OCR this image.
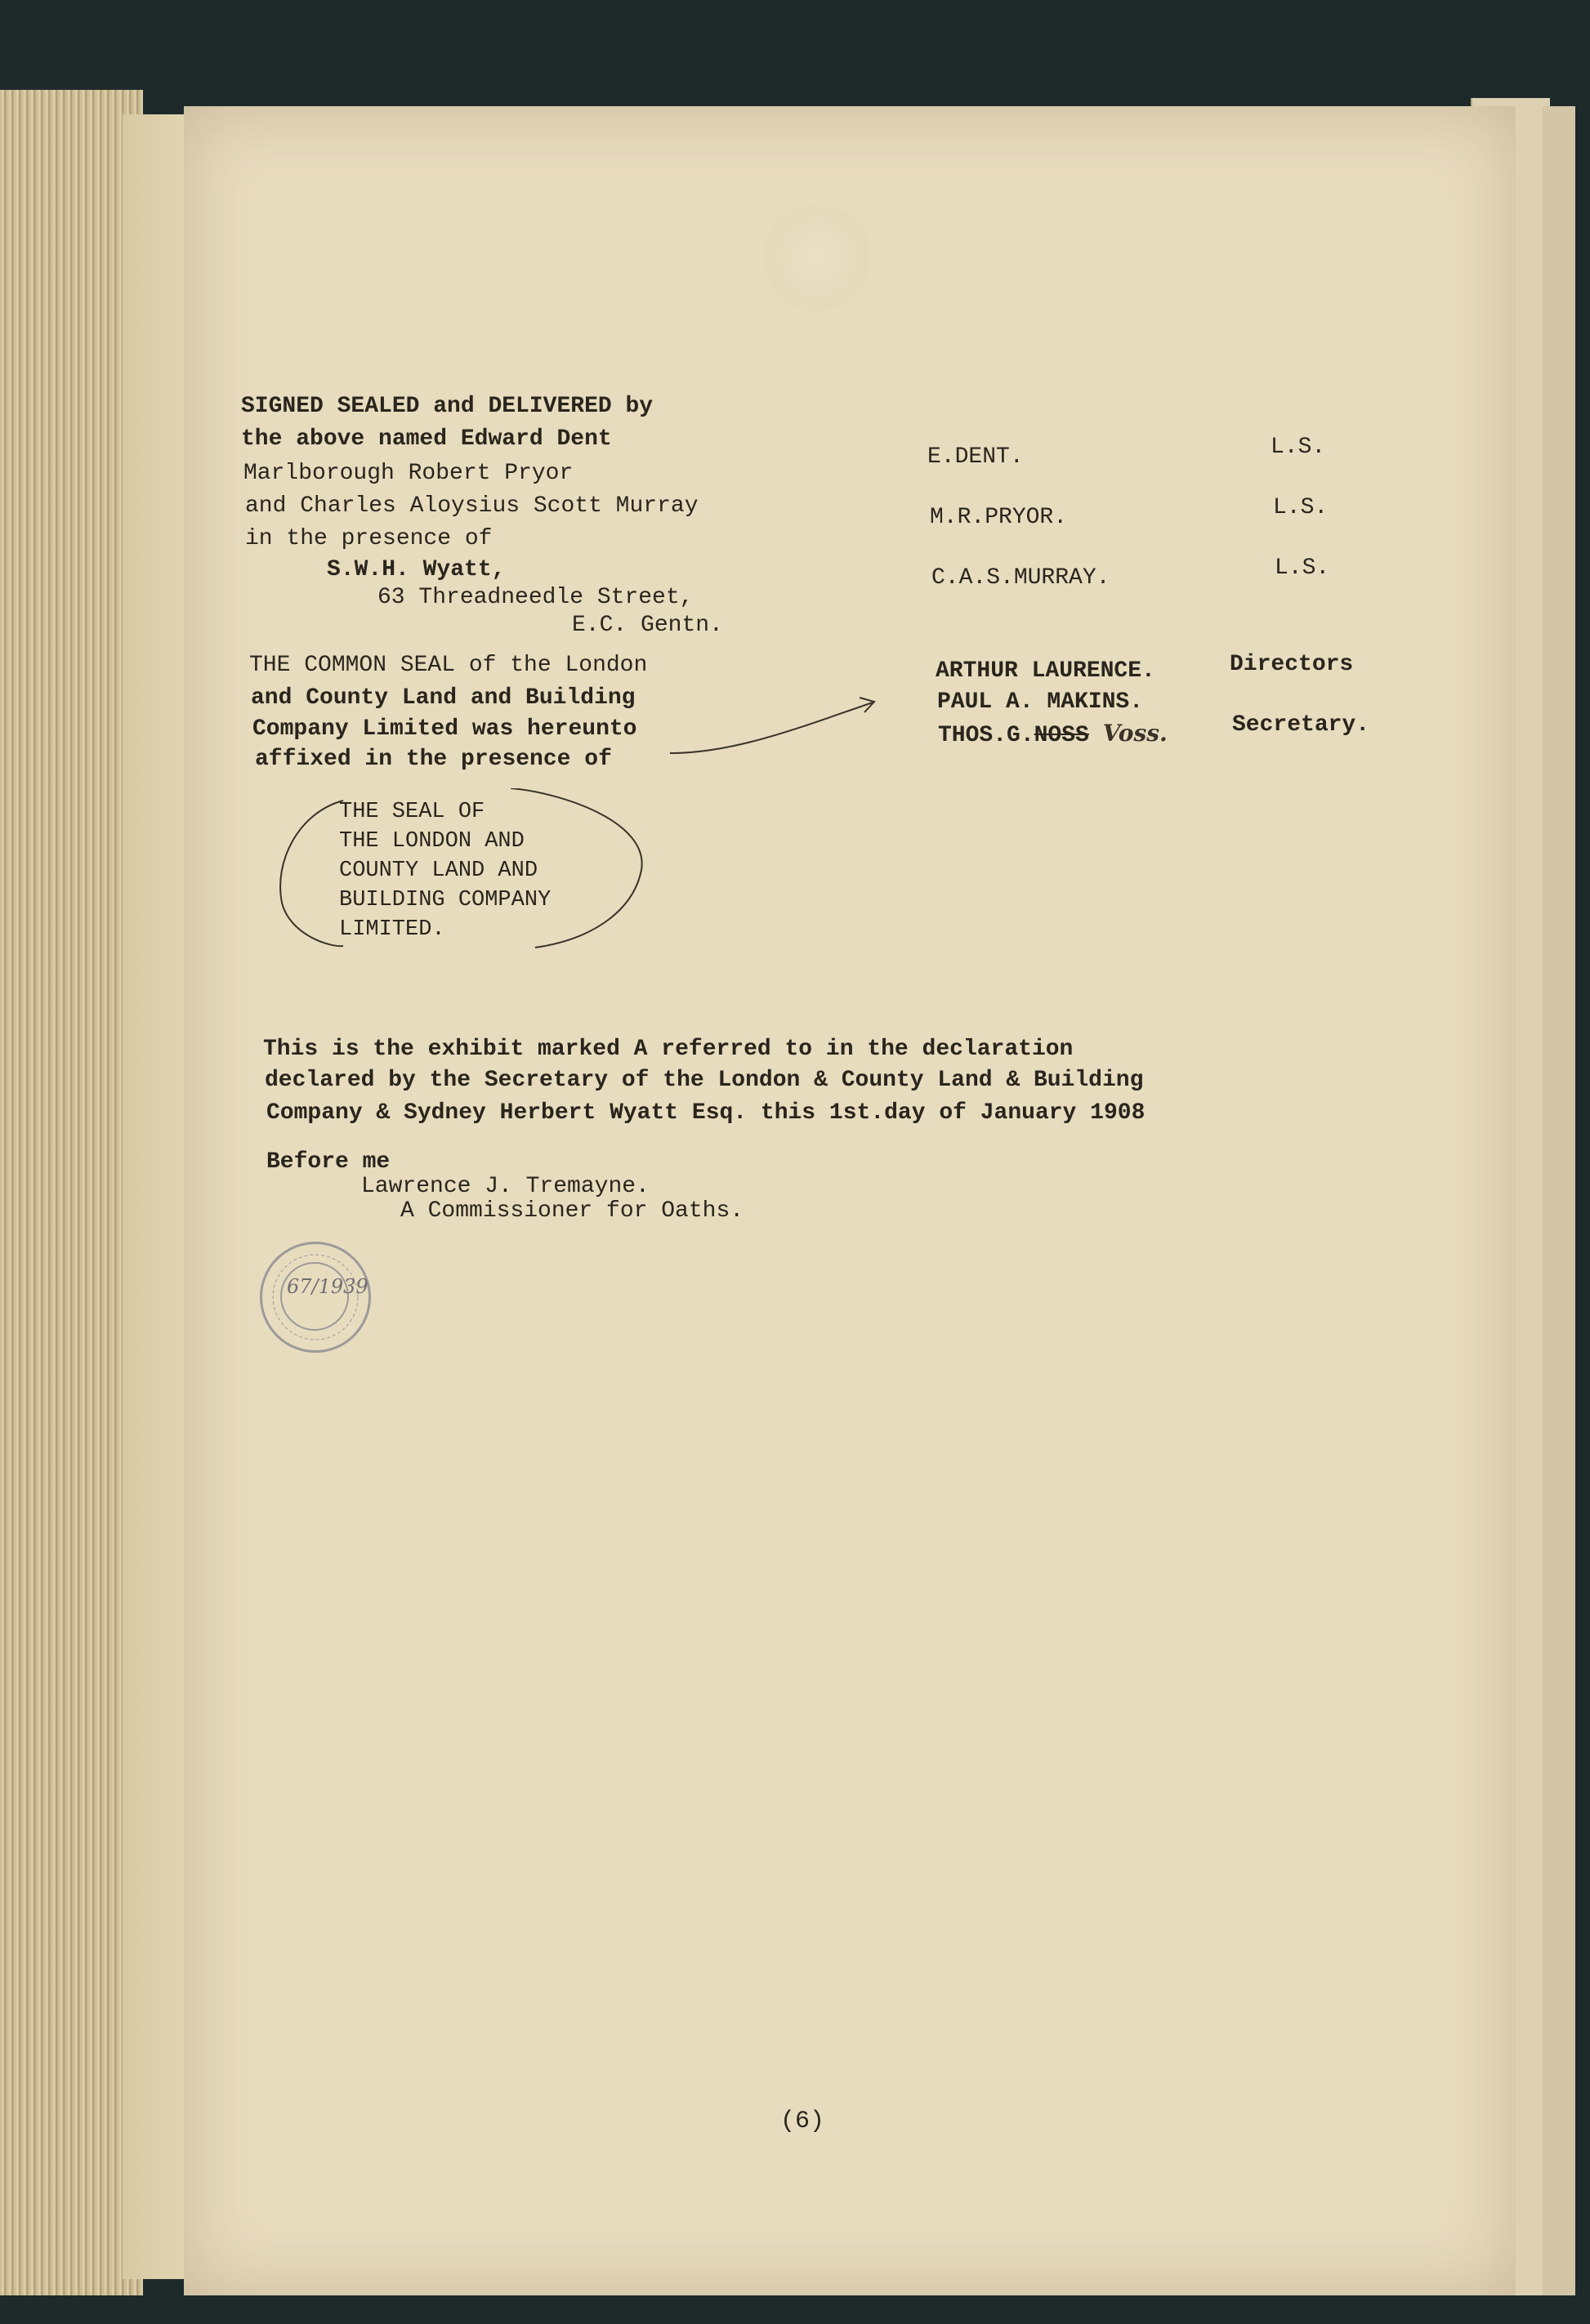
SIGNED SEALED and DELIVERED by
the above named Edward Dent
Marlborough Robert Pryor
and Charles Aloysius Scott Murray
in the presence of
S.W.H. Wyatt,
63 Threadneedle Street,
E.C. Gentn.
E.DENT.	L.S.
M.R.PRYOR.	L.S.
C.A.S.MURRAY.	L.S.
THE COMMON SEAL of the London
and County Land and Building
Company Limited was hereunto
affixed in the presence of
ARTHUR LAURENCE.	Directors
PAUL A. MAKINS.
THOS.G.NOSS Voss.	Secretary.
THE SEAL OF
THE LONDON AND
COUNTY LAND AND
BUILDING COMPANY
LIMITED.
This is the exhibit marked A referred to in the declaration
declared by the Secretary of the London & County Land & Building
Company & Sydney Herbert Wyatt Esq. this 1st.day of January 1908
Before me
Lawrence J. Tremayne.
A Commissioner for Oaths.
67/1939
(6)
